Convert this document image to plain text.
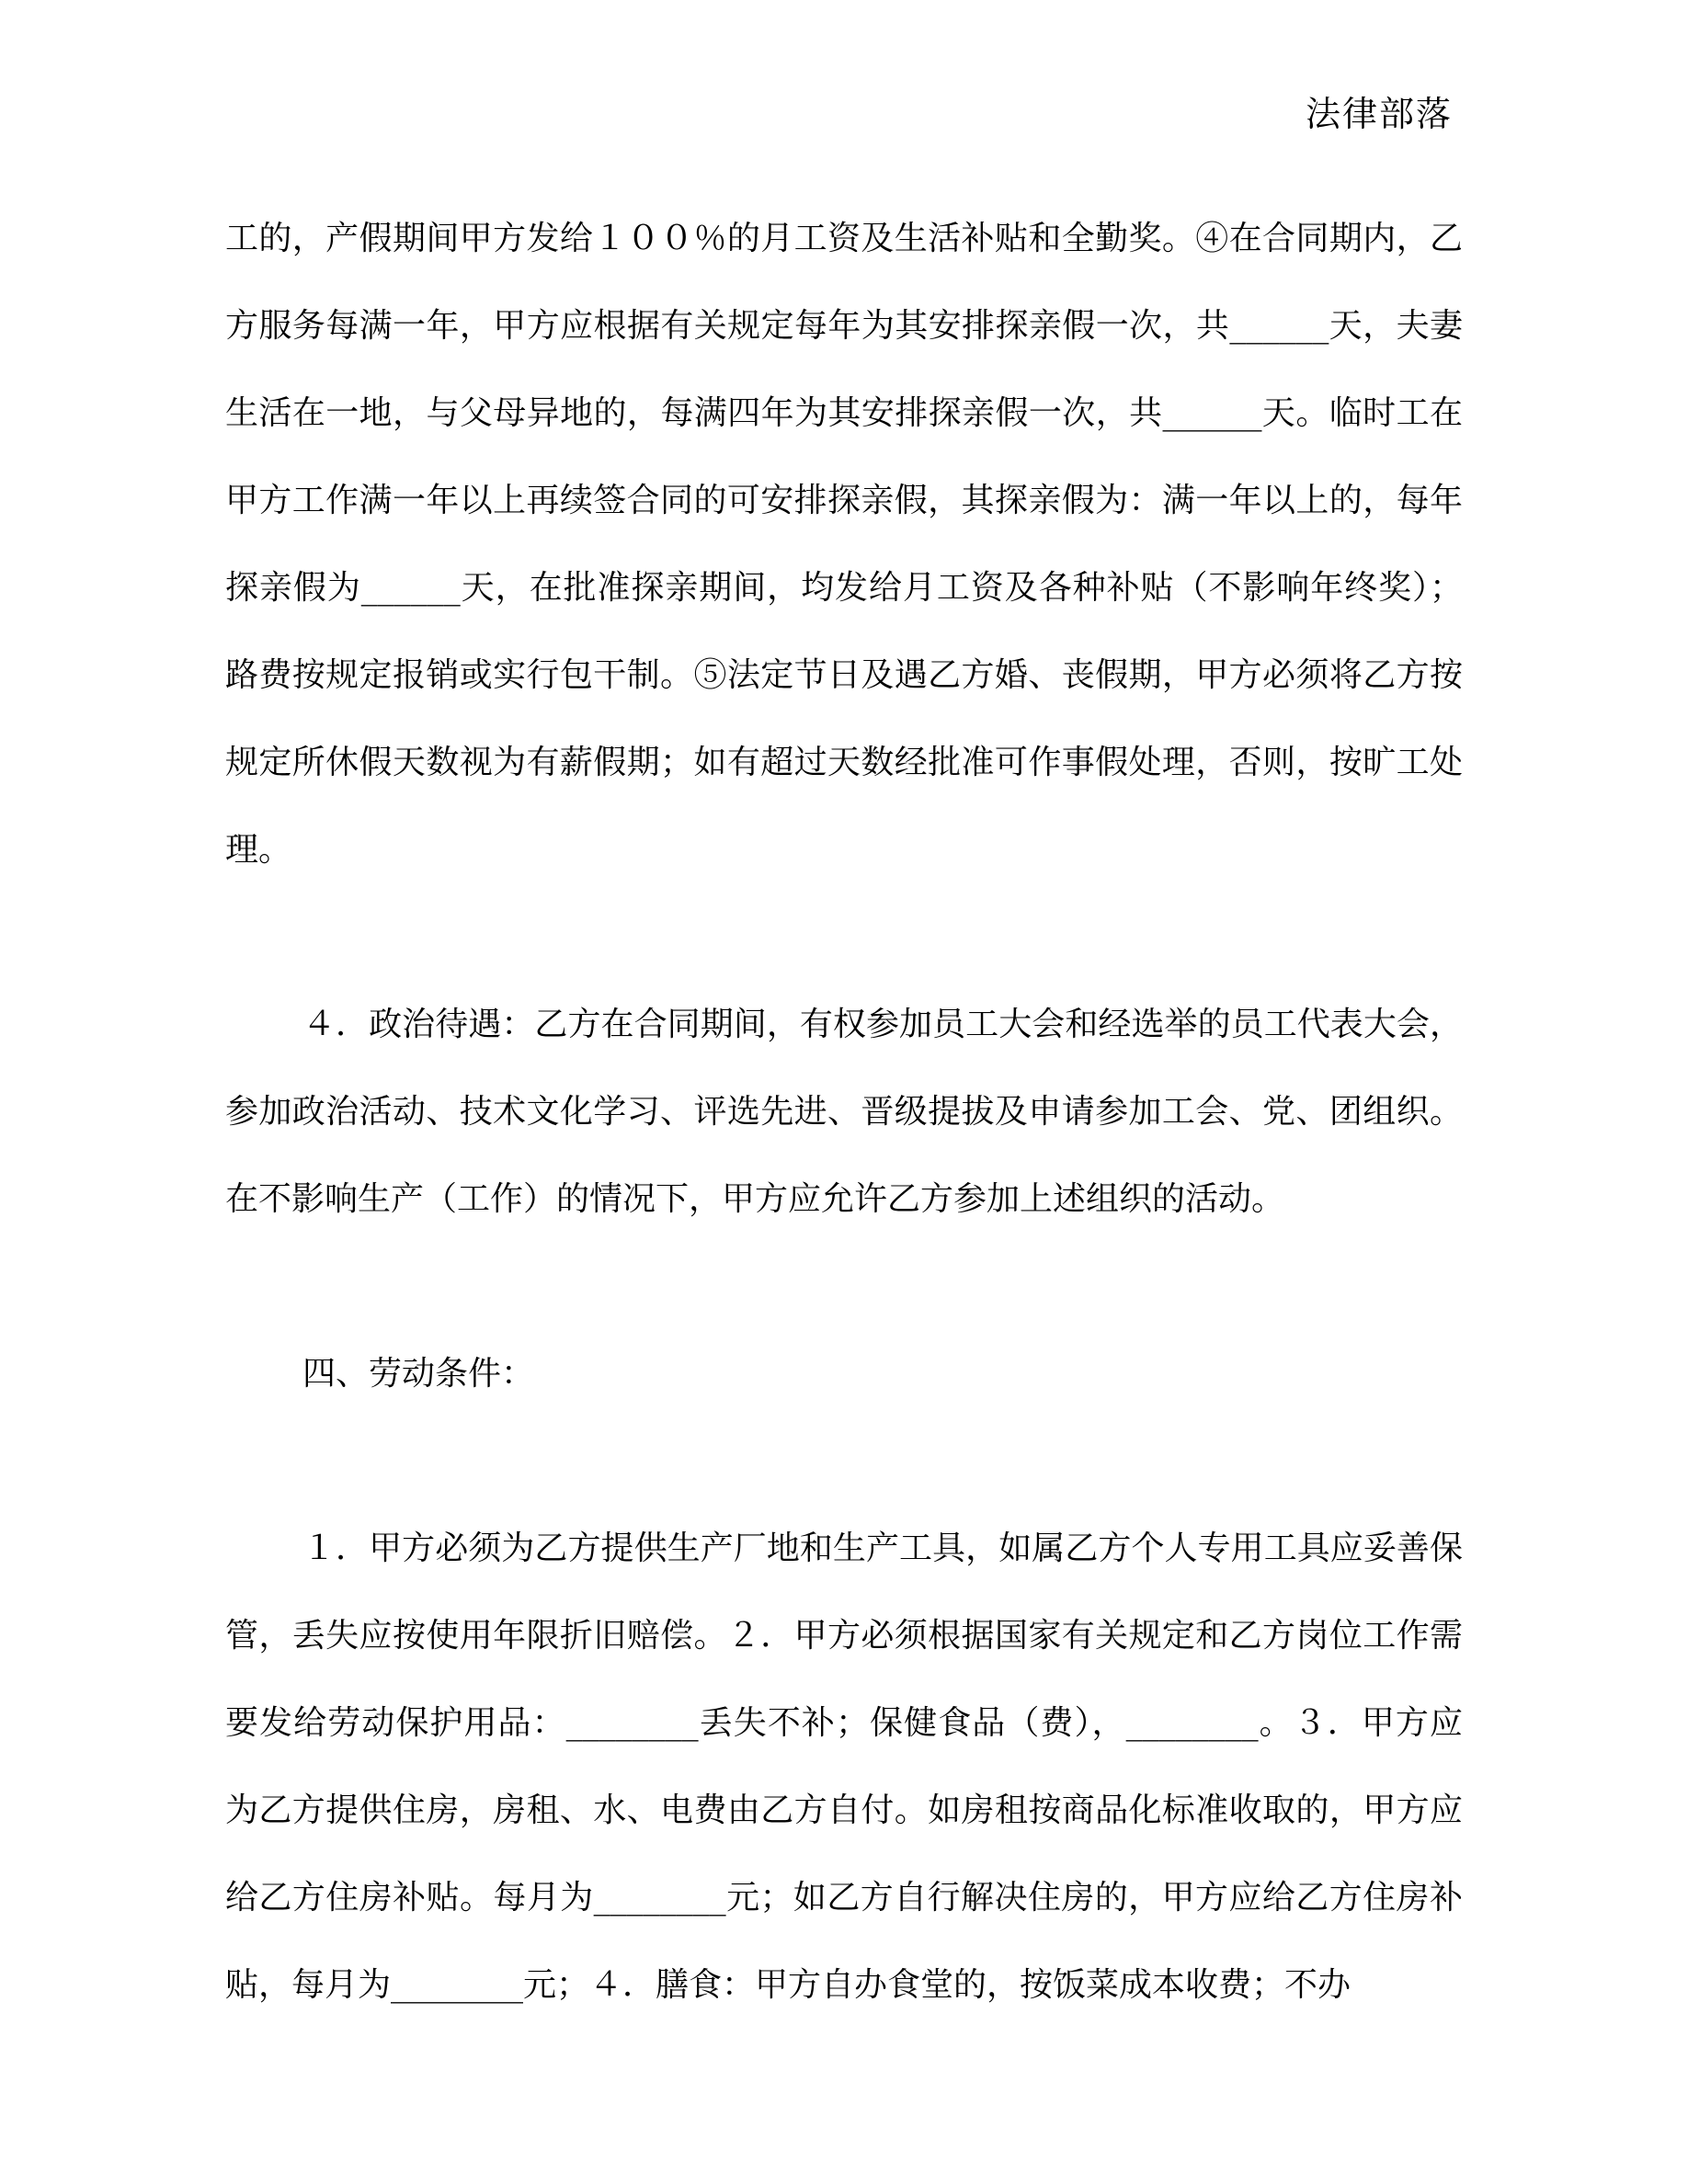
法律部落

工的，产假期间甲方发给１００％的月工资及生活补贴和全勤奖。④在合同期内，乙方服务每满一年，甲方应根据有关规定每年为其安排探亲假一次，共______天，夫妻生活在一地，与父母异地的，每满四年为其安排探亲假一次，共______天。临时工在甲方工作满一年以上再续签合同的可安排探亲假，其探亲假为：满一年以上的，每年探亲假为______天，在批准探亲期间，均发给月工资及各种补贴（不影响年终奖）；路费按规定报销或实行包干制。⑤法定节日及遇乙方婚、丧假期，甲方必须将乙方按规定所休假天数视为有薪假期；如有超过天数经批准可作事假处理，否则，按旷工处理。

４．政治待遇：乙方在合同期间，有权参加员工大会和经选举的员工代表大会，参加政治活动、技术文化学习、评选先进、晋级提拔及申请参加工会、党、团组织。在不影响生产（工作）的情况下，甲方应允许乙方参加上述组织的活动。

四、劳动条件：

１．甲方必须为乙方提供生产厂地和生产工具，如属乙方个人专用工具应妥善保管，丢失应按使用年限折旧赔偿。２．甲方必须根据国家有关规定和乙方岗位工作需要发给劳动保护用品：________丢失不补；保健食品（费），________。３．甲方应为乙方提供住房，房租、水、电费由乙方自付。如房租按商品化标准收取的，甲方应给乙方住房补贴。每月为________元；如乙方自行解决住房的，甲方应给乙方住房补贴，每月为________元；４．膳食：甲方自办食堂的，按饭菜成本收费；不办
